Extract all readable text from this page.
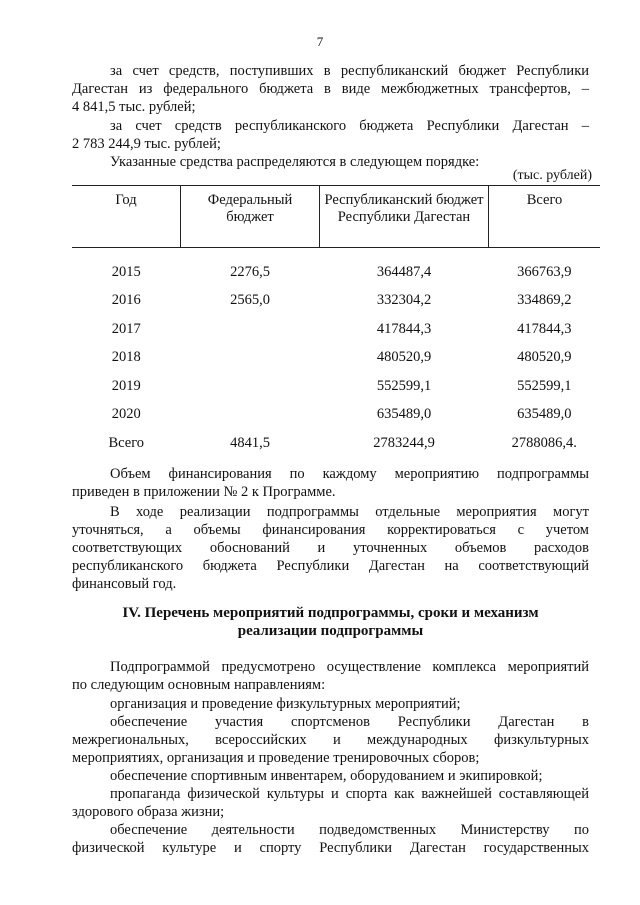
7
за счет средств, поступивших в республиканский бюджет Республики
Дагестан из федерального бюджета в виде межбюджетных трансфертов, –
4 841,5 тыс. рублей;
за счет средств республиканского бюджета Республики Дагестан –
2 783 244,9 тыс. рублей;
Указанные средства распределяются в следующем порядке:
(тыс. рублей)
Год	Федеральный бюджет	Республиканский бюджет Республики Дагестан	Всего
2015	2276,5	364487,4	366763,9
2016	2565,0	332304,2	334869,2
2017		417844,3	417844,3
2018		480520,9	480520,9
2019		552599,1	552599,1
2020		635489,0	635489,0
Всего	4841,5	2783244,9	2788086,4.
Объем финансирования по каждому мероприятию подпрограммы
приведен в приложении № 2 к Программе.
В ходе реализации подпрограммы отдельные мероприятия могут
уточняться, а объемы финансирования корректироваться с учетом
соответствующих обоснований и уточненных объемов расходов
республиканского бюджета Республики Дагестан на соответствующий
финансовый год.
IV. Перечень мероприятий подпрограммы, сроки и механизм
реализации подпрограммы
Подпрограммой предусмотрено осуществление комплекса мероприятий
по следующим основным направлениям:
организация и проведение физкультурных мероприятий;
обеспечение участия спортсменов Республики Дагестан в
межрегиональных, всероссийских и международных физкультурных
мероприятиях, организация и проведение тренировочных сборов;
обеспечение спортивным инвентарем, оборудованием и экипировкой;
пропаганда физической культуры и спорта как важнейшей составляющей
здорового образа жизни;
обеспечение деятельности подведомственных Министерству по
физической культуре и спорту Республики Дагестан государственных
